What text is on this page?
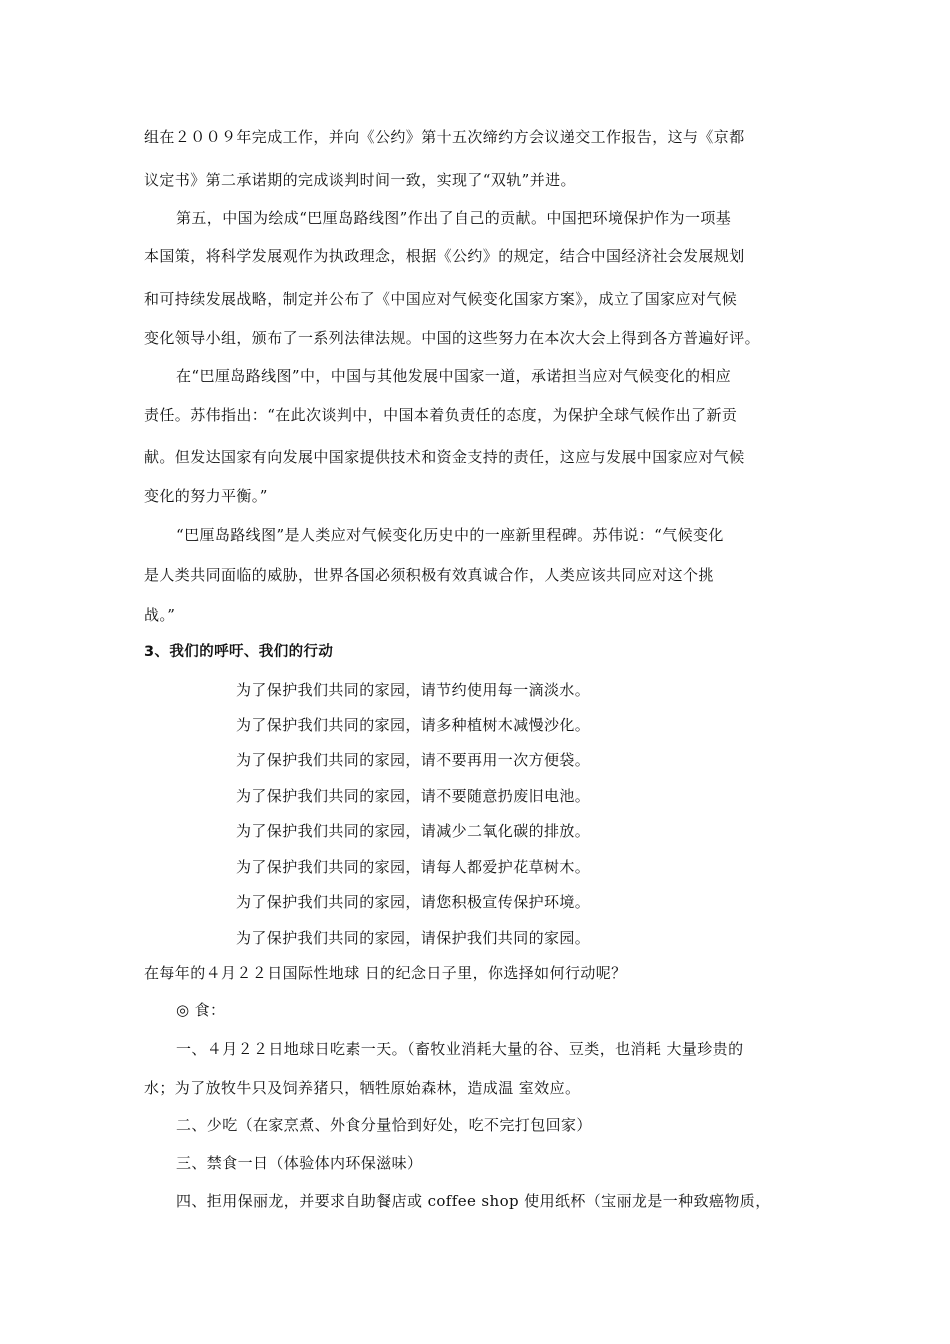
组在２００９年完成工作，并向《公约》第十五次缔约方会议递交工作报告，这与《京都
议定书》第二承诺期的完成谈判时间一致，实现了“双轨”并进。
第五，中国为绘成“巴厘岛路线图”作出了自己的贡献。中国把环境保护作为一项基
本国策，将科学发展观作为执政理念，根据《公约》的规定，结合中国经济社会发展规划
和可持续发展战略，制定并公布了《中国应对气候变化国家方案》，成立了国家应对气候
变化领导小组，颁布了一系列法律法规。中国的这些努力在本次大会上得到各方普遍好评。
在“巴厘岛路线图”中，中国与其他发展中国家一道，承诺担当应对气候变化的相应
责任。苏伟指出：“在此次谈判中，中国本着负责任的态度，为保护全球气候作出了新贡
献。但发达国家有向发展中国家提供技术和资金支持的责任，这应与发展中国家应对气候
变化的努力平衡。”
“巴厘岛路线图”是人类应对气候变化历史中的一座新里程碑。苏伟说：“气候变化
是人类共同面临的威胁，世界各国必须积极有效真诚合作，人类应该共同应对这个挑
战。”
3、我们的呼吁、我们的行动
为了保护我们共同的家园，请节约使用每一滴淡水。
为了保护我们共同的家园，请多种植树木减慢沙化。
为了保护我们共同的家园，请不要再用一次方便袋。
为了保护我们共同的家园，请不要随意扔废旧电池。
为了保护我们共同的家园，请减少二氧化碳的排放。
为了保护我们共同的家园，请每人都爱护花草树木。
为了保护我们共同的家园，请您积极宣传保护环境。
为了保护我们共同的家园，请保护我们共同的家园。
在每年的４月２２日国际性地球 日的纪念日子里，你选择如何行动呢？
◎ 食：
一、４月２２日地球日吃素一天。（畜牧业消耗大量的谷、豆类，也消耗 大量珍贵的
水；为了放牧牛只及饲养猪只，牺牲原始森林，造成温 室效应。
二、少吃（在家烹煮、外食分量恰到好处，吃不完打包回家）
三、禁食一日（体验体内环保滋味）
四、拒用保丽龙，并要求自助餐店或 coffee shop 使用纸杯（宝丽龙是一种致癌物质，
